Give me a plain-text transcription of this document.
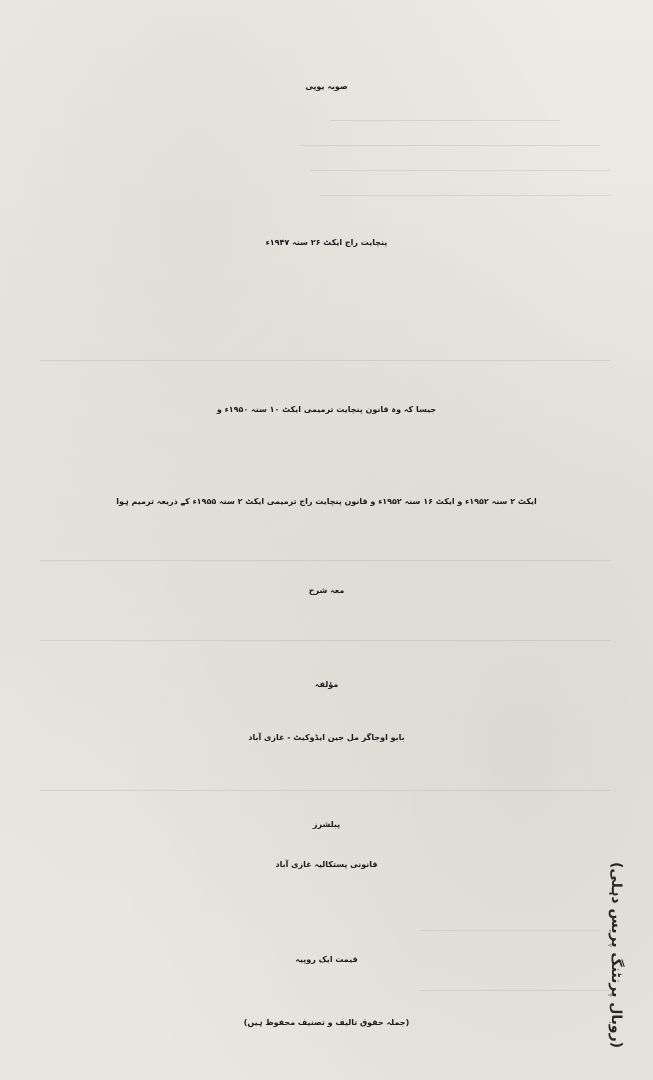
صوبہ یوپی
پنچایت راج ایکٹ ۲۶ سنہ ۱۹۴۷ء
جیسا کہ وہ قانون پنچایت ترمیمی ایکٹ ۱۰ سنہ ۱۹۵۰ء و
ایکٹ ۲ سنہ ۱۹۵۲ء و ایکٹ ۱۶ سنہ ۱۹۵۲ء و قانون پنچایت راج ترمیمی ایکٹ ۲ سنہ ۱۹۵۵ء کے ذریعہ ترمیم ہوا
معہ شرح
مؤلفہ
بابو اوجاگر مل جین ایڈوکیٹ - غازی آباد
پبلشرز
قانونی پستکالیہ غازی آباد
قیمت ایک روپیہ
(جملہ حقوق تالیف و تصنیف محفوظ ہیں)	(روبال پرنٹنگ پریس دہلی)
